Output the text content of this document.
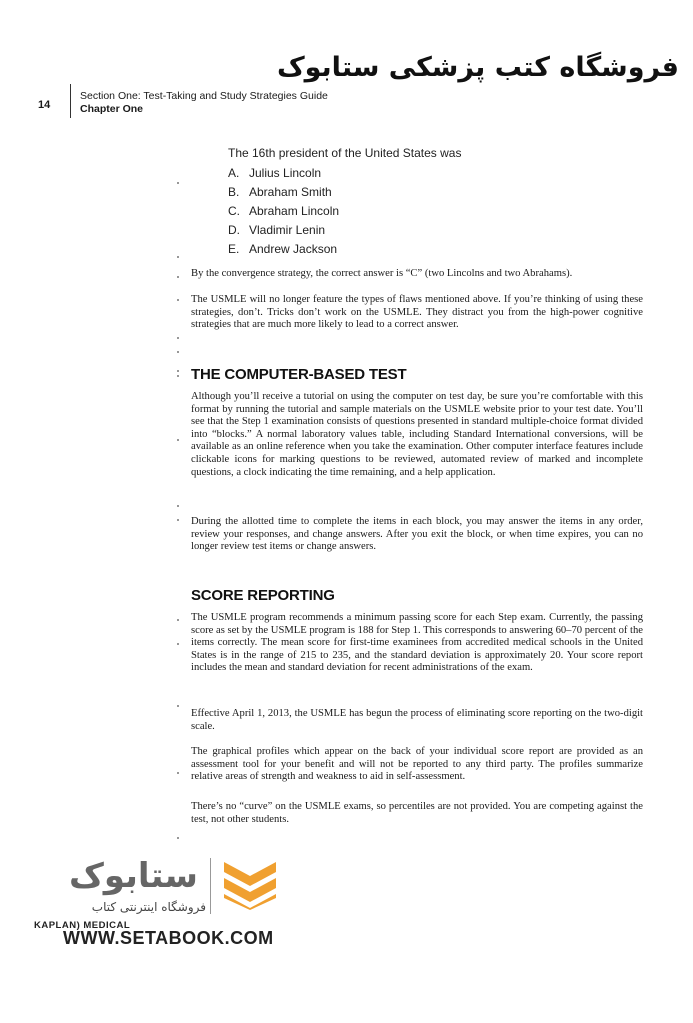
فروشگاه کتب پزشکی ستابوک
14
Section One: Test-Taking and Study Strategies Guide
Chapter One
The 16th president of the United States was
A. Julius Lincoln
B. Abraham Smith
C. Abraham Lincoln
D. Vladimir Lenin
E. Andrew Jackson
By the convergence strategy, the correct answer is “C” (two Lincolns and two Abrahams).
The USMLE will no longer feature the types of flaws mentioned above. If you’re thinking of using these strategies, don’t. Tricks don’t work on the USMLE. They distract you from the high-power cognitive strategies that are much more likely to lead to a correct answer.
THE COMPUTER-BASED TEST
Although you’ll receive a tutorial on using the computer on test day, be sure you’re comfortable with this format by running the tutorial and sample materials on the USMLE website prior to your test date. You’ll see that the Step 1 examination consists of questions presented in standard multiple-choice format divided into “blocks.” A normal laboratory values table, including Standard International conversions, will be available as an online reference when you take the examination. Other computer interface features include clickable icons for marking questions to be reviewed, automated review of marked and incomplete questions, a clock indicating the time remaining, and a help application.
During the allotted time to complete the items in each block, you may answer the items in any order, review your responses, and change answers. After you exit the block, or when time expires, you can no longer review test items or change answers.
SCORE REPORTING
The USMLE program recommends a minimum passing score for each Step exam. Currently, the passing score as set by the USMLE program is 188 for Step 1. This corresponds to answering 60–70 percent of the items correctly. The mean score for first-time examinees from accredited medical schools in the United States is in the range of 215 to 235, and the standard deviation is approximately 20. Your score report includes the mean and standard deviation for recent administrations of the exam.
Effective April 1, 2013, the USMLE has begun the process of eliminating score reporting on the two-digit scale.
The graphical profiles which appear on the back of your individual score report are provided as an assessment tool for your benefit and will not be reported to any third party. The profiles summarize relative areas of strength and weakness to aid in self-assessment.
There’s no “curve” on the USMLE exams, so percentiles are not provided. You are competing against the test, not other students.
ستابوک
فروشگاه اینترنتی کتاب
KAPLAN) MEDICAL
WWW.SETABOOK.COM
